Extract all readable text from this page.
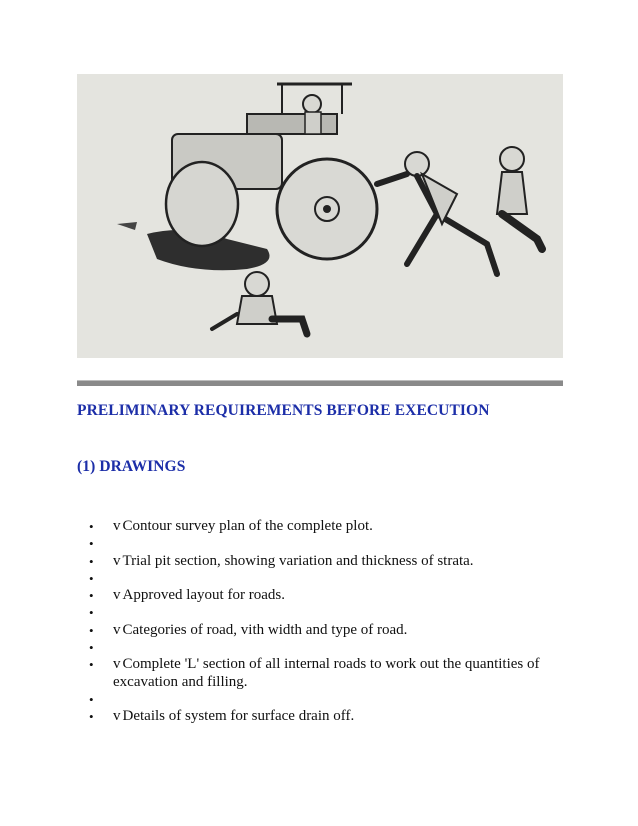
PRELIMINARY REQUIREMENTS BEFORE EXECUTION
(1) DRAWINGS
• v Contour survey plan of the complete plot.
•
• v Trial pit section, showing variation and thickness of strata.
•
• v Approved layout for roads.
•
• v Categories of road, vith width and type of road.
•
• v Complete 'L' section of all internal roads to work out the quantities of excavation and filling.
•
• v Details of system for surface drain off.
